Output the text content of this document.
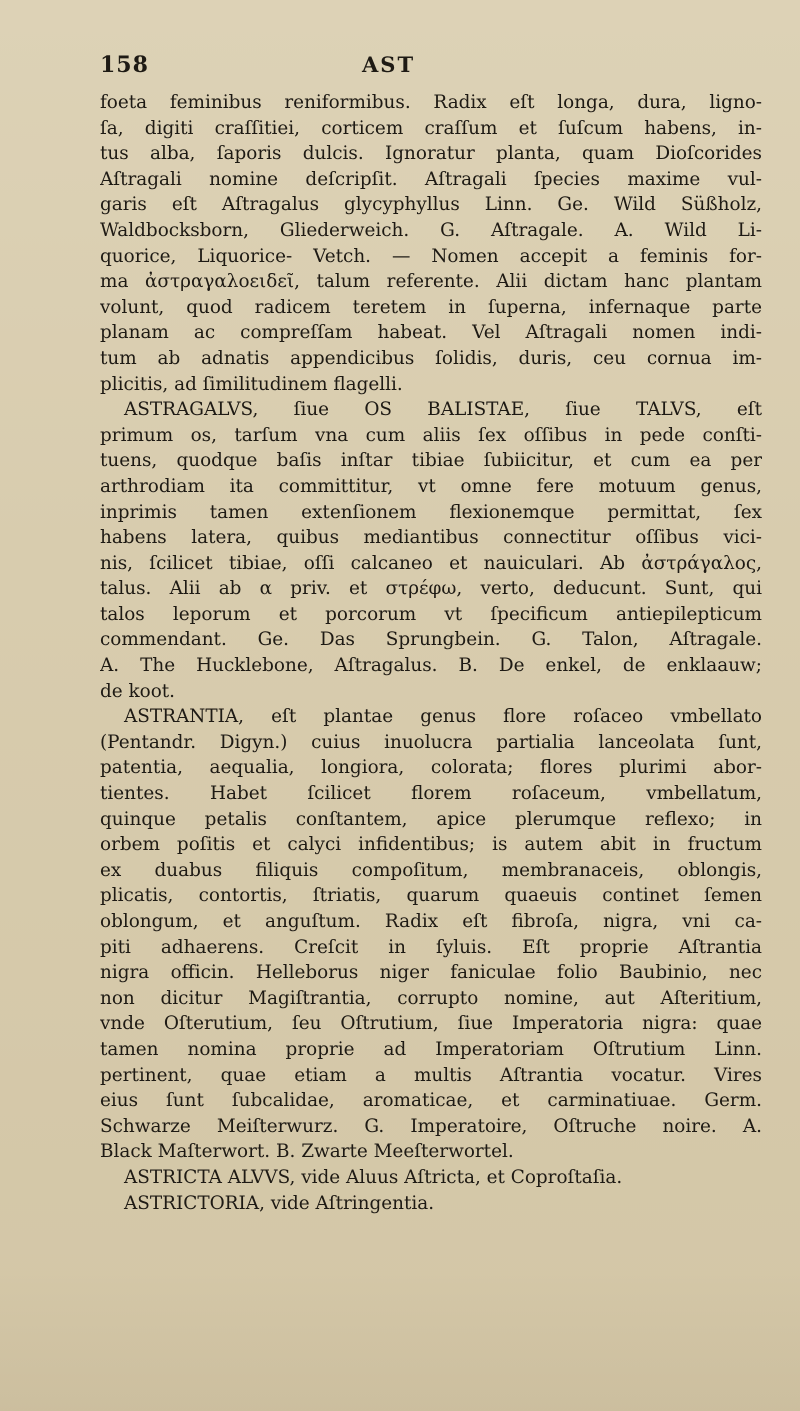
158	AST
foeta feminibus reniformibus. Radix eſt longa, dura, ligno-
ſa, digiti craſſitiei, corticem craſſum et ſuſcum habens, in-
tus alba, ſaporis dulcis. Ignoratur planta, quam Dioſcorides
Aſtragali nomine deſcripſit. Aſtragali ſpecies maxime vul-
garis eſt Aſtragalus glycyphyllus Linn. Ge. Wild Süßholz,
Waldbocksborn, Gliederweich. G. Aſtragale. A. Wild Li-
quorice, Liquorice- Vetch. — Nomen accepit a feminis for-
ma ἀστραγαλοειδεῖ, talum referente. Alii dictam hanc plantam
volunt, quod radicem teretem in ſuperna, infernaque parte
planam ac compreſſam habeat. Vel Aſtragali nomen indi-
tum ab adnatis appendicibus ſolidis, duris, ceu cornua im-
plicitis, ad ſimilitudinem flagelli.
ASTRAGALVS, ſiue OS BALISTAE, ſiue TALVS, eſt
primum os, tarſum vna cum aliis ſex oſſibus in pede conſti-
tuens, quodque baſis inſtar tibiae ſubiicitur, et cum ea per
arthrodiam ita committitur, vt omne fere motuum genus,
inprimis tamen extenſionem flexionemque permittat, ſex
habens latera, quibus mediantibus connectitur oſſibus vici-
nis, ſcilicet tibiae, oſſi calcaneo et nauiculari. Ab ἀστράγαλος,
talus. Alii ab α priv. et στρέφω, verto, deducunt. Sunt, qui
talos leporum et porcorum vt ſpecificum antiepilepticum
commendant. Ge. Das Sprungbein. G. Talon, Aſtragale.
A. The Hucklebone, Aſtragalus. B. De enkel, de enklaauw;
de koot.
ASTRANTIA, eſt plantae genus flore roſaceo vmbellato
(Pentandr. Digyn.) cuius inuolucra partialia lanceolata ſunt,
patentia, aequalia, longiora, colorata; flores plurimi abor-
tientes. Habet ſcilicet florem roſaceum, vmbellatum,
quinque petalis conſtantem, apice plerumque reflexo; in
orbem poſitis et calyci infidentibus; is autem abit in fructum
ex duabus filiquis compoſitum, membranaceis, oblongis,
plicatis, contortis, ſtriatis, quarum quaeuis continet ſemen
oblongum, et anguſtum. Radix eſt fibroſa, nigra, vni ca-
piti adhaerens. Creſcit in ſyluis. Eſt proprie Aſtrantia
nigra officin. Helleborus niger faniculae folio Baubinio, nec
non dicitur Magiſtrantia, corrupto nomine, aut Aſteritium,
vnde Oſterutium, ſeu Oſtrutium, ſiue Imperatoria nigra: quae
tamen nomina proprie ad Imperatoriam Oſtrutium Linn.
pertinent, quae etiam a multis Aſtrantia vocatur. Vires
eius ſunt ſubcalidae, aromaticae, et carminatiuae. Germ.
Schwarze Meiſterwurz. G. Imperatoire, Oſtruche noire. A.
Black Maſterwort. B. Zwarte Meeſterwortel.
ASTRICTA ALVVS, vide Aluus Aſtricta, et Coproſtaſia.
ASTRICTORIA, vide Aſtringentia.
